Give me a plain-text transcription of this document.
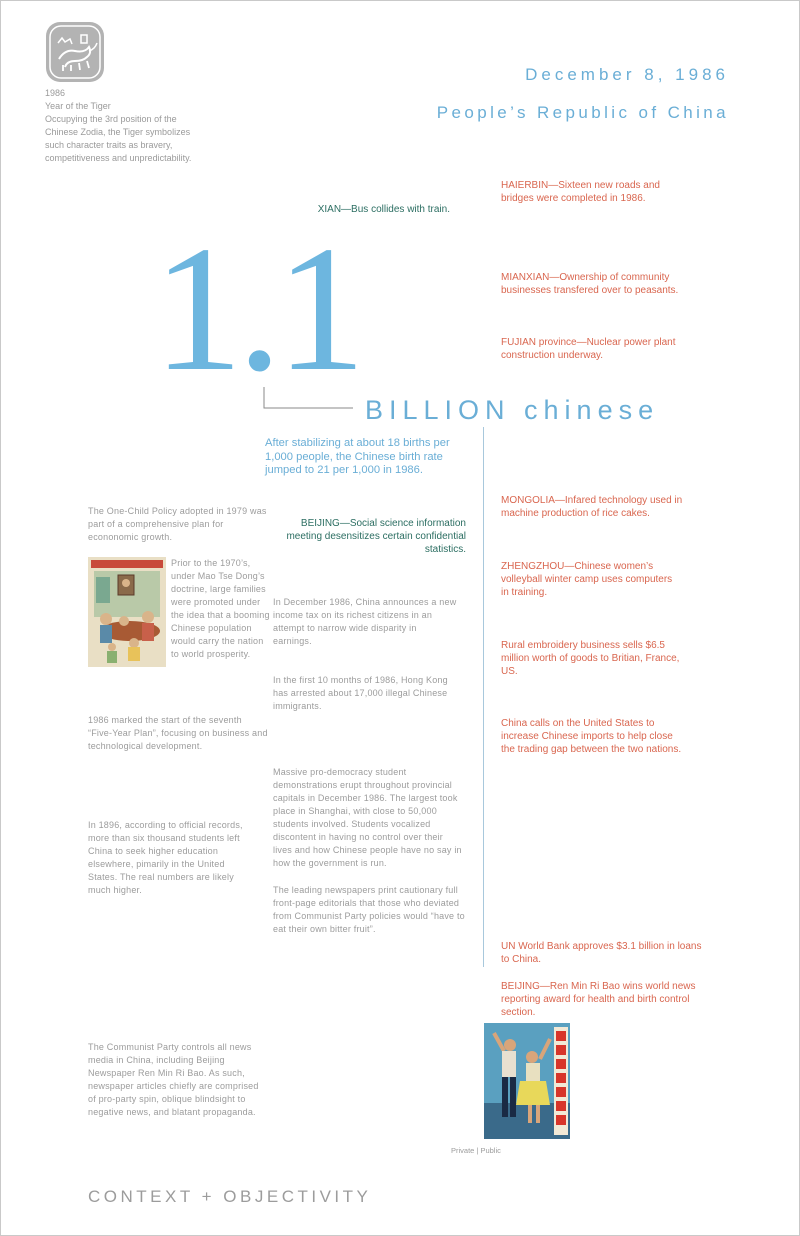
1986
Year of the Tiger
Occupying the 3rd position of the Chinese Zodia, the Tiger symbolizes such character traits as bravery, competitiveness and unpredictability.
December 8, 1986
People’s Republic of China
XIAN—Bus collides with train.
1.1
BILLION chinese
After stabilizing at about 18 births per 1,000 people, the Chinese birth rate jumped to 21 per 1,000 in 1986.
HAIERBIN—Sixteen new roads and bridges were completed in 1986.
MIANXIAN—Ownership of community businesses transfered over to peasants.
FUJIAN province—Nuclear power plant construction underway.
MONGOLIA—Infared technology used in machine production of rice cakes.
ZHENGZHOU—Chinese women’s volleyball winter camp uses computers in training.
Rural embroidery business sells $6.5 million worth of goods to Britian, France, US.
China calls on the United States to increase Chinese imports to help close the trading gap between the two nations.
UN World Bank approves $3.1 billion in loans to China.
BEIJING—Ren Min Ri Bao wins world news reporting award for health and birth control section.
BEIJING—Social science information meeting desensitizes certain confidential statistics.
The One-Child Policy adopted in 1979 was part of a comprehensive plan for econonomic growth.
Prior to the 1970’s, under Mao Tse Dong’s doctrine, large families were promoted under the idea that a booming Chinese population would carry the nation to world prosperity.
1986 marked the start of the seventh “Five-Year Plan”, focusing on business and technological development.
In 1896, according to official records, more than six thousand students left China to seek higher education elsewhere, pimarily in the United States. The real numbers are likely much higher.
The Communist Party controls all news media in China, including Beijing Newspaper Ren Min Ri Bao. As such, newspaper articles chiefly are comprised of pro-party spin, oblique blindsight to negative news, and blatant propaganda.
In December 1986, China announces a new income tax on its richest citizens in an attempt to narrow wide disparity in earnings.
In the first 10 months of 1986, Hong Kong has arrested about 17,000 illegal Chinese immigrants.
Massive pro-democracy student demonstrations erupt throughout provincial capitals in December 1986. The largest took place in Shanghai, with close to 50,000 students involved. Students vocalized discontent in having no control over their lives and how Chinese people have no say in how the government is run.
The leading newspapers print cautionary full front-page editorials that those who deviated from Communist Party policies would “have to eat their own bitter fruit”.
Private | Public
CONTEXT + OBJECTIVITY
